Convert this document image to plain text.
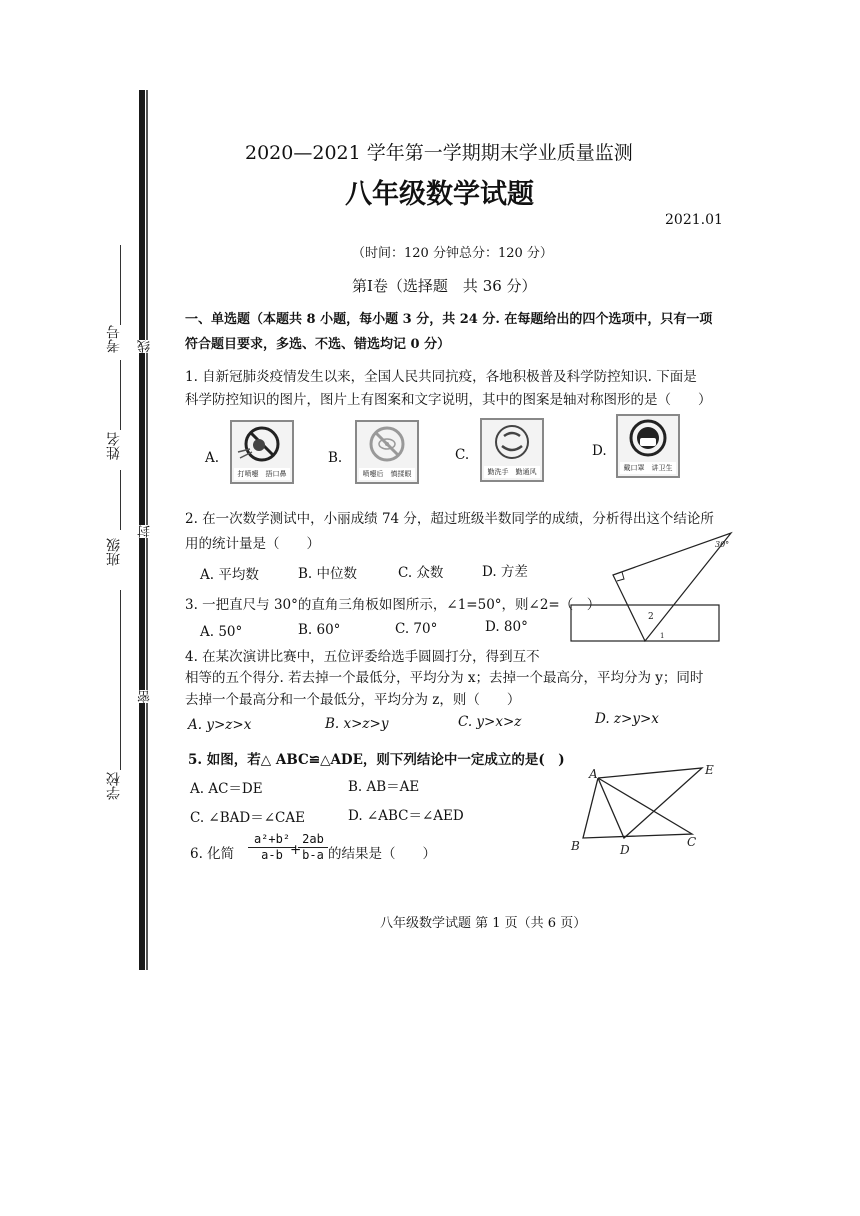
考号
姓名
班级
学校
线
封
密
2020—2021 学年第一学期期末学业质量监测
八年级数学试题
2021.01
（时间：120 分钟总分：120 分）
第Ⅰ卷（选择题　共 36 分）
一、单选题（本题共 8 小题，每小题 3 分，共 24 分. 在每题给出的四个选项中，只有一项
符合题目要求，多选、不选、错选均记 0 分）
1. 自新冠肺炎疫情发生以来，全国人民共同抗疫，各地积极普及科学防控知识. 下面是
科学防控知识的图片，图片上有图案和文字说明，其中的图案是轴对称图形的是（　　）
A.
打喷嚏　捂口鼻
B.
喷嚏后　慎揉眼
C.
勤洗手　勤通风
D.
戴口罩　讲卫生
2. 在一次数学测试中，小丽成绩 74 分，超过班级半数同学的成绩，分析得出这个结论所
用的统计量是（　　）
A. 平均数	B. 中位数	C. 众数	D. 方差
3. 一把直尺与 30°的直角三角板如图所示，∠1=50°，则∠2=（　）
A. 50°	B. 60°	C. 70°	D. 80°
30°
2
1
4. 在某次演讲比赛中，五位评委给选手圆圆打分，得到互不
相等的五个得分. 若去掉一个最低分，平均分为 x；去掉一个最高分，平均分为 y；同时
去掉一个最高分和一个最低分，平均分为 z，则（　　）
A. y>z>x	B. x>z>y	C. y>x>z	D. z>y>x
5. 如图，若△ ABC≌△ADE，则下列结论中一定成立的是(　)
A. AC＝DE	B. AB＝AE
C. ∠BAD＝∠CAE	D. ∠ABC＝∠AED
A	E
B	D
C
6. 化简 $\frac{\text{a²+b²}}{a-b}$
+
$\frac{2ab}{b-a}$ 的结果是（　　）
八年级数学试题 第 1 页（共 6 页）
